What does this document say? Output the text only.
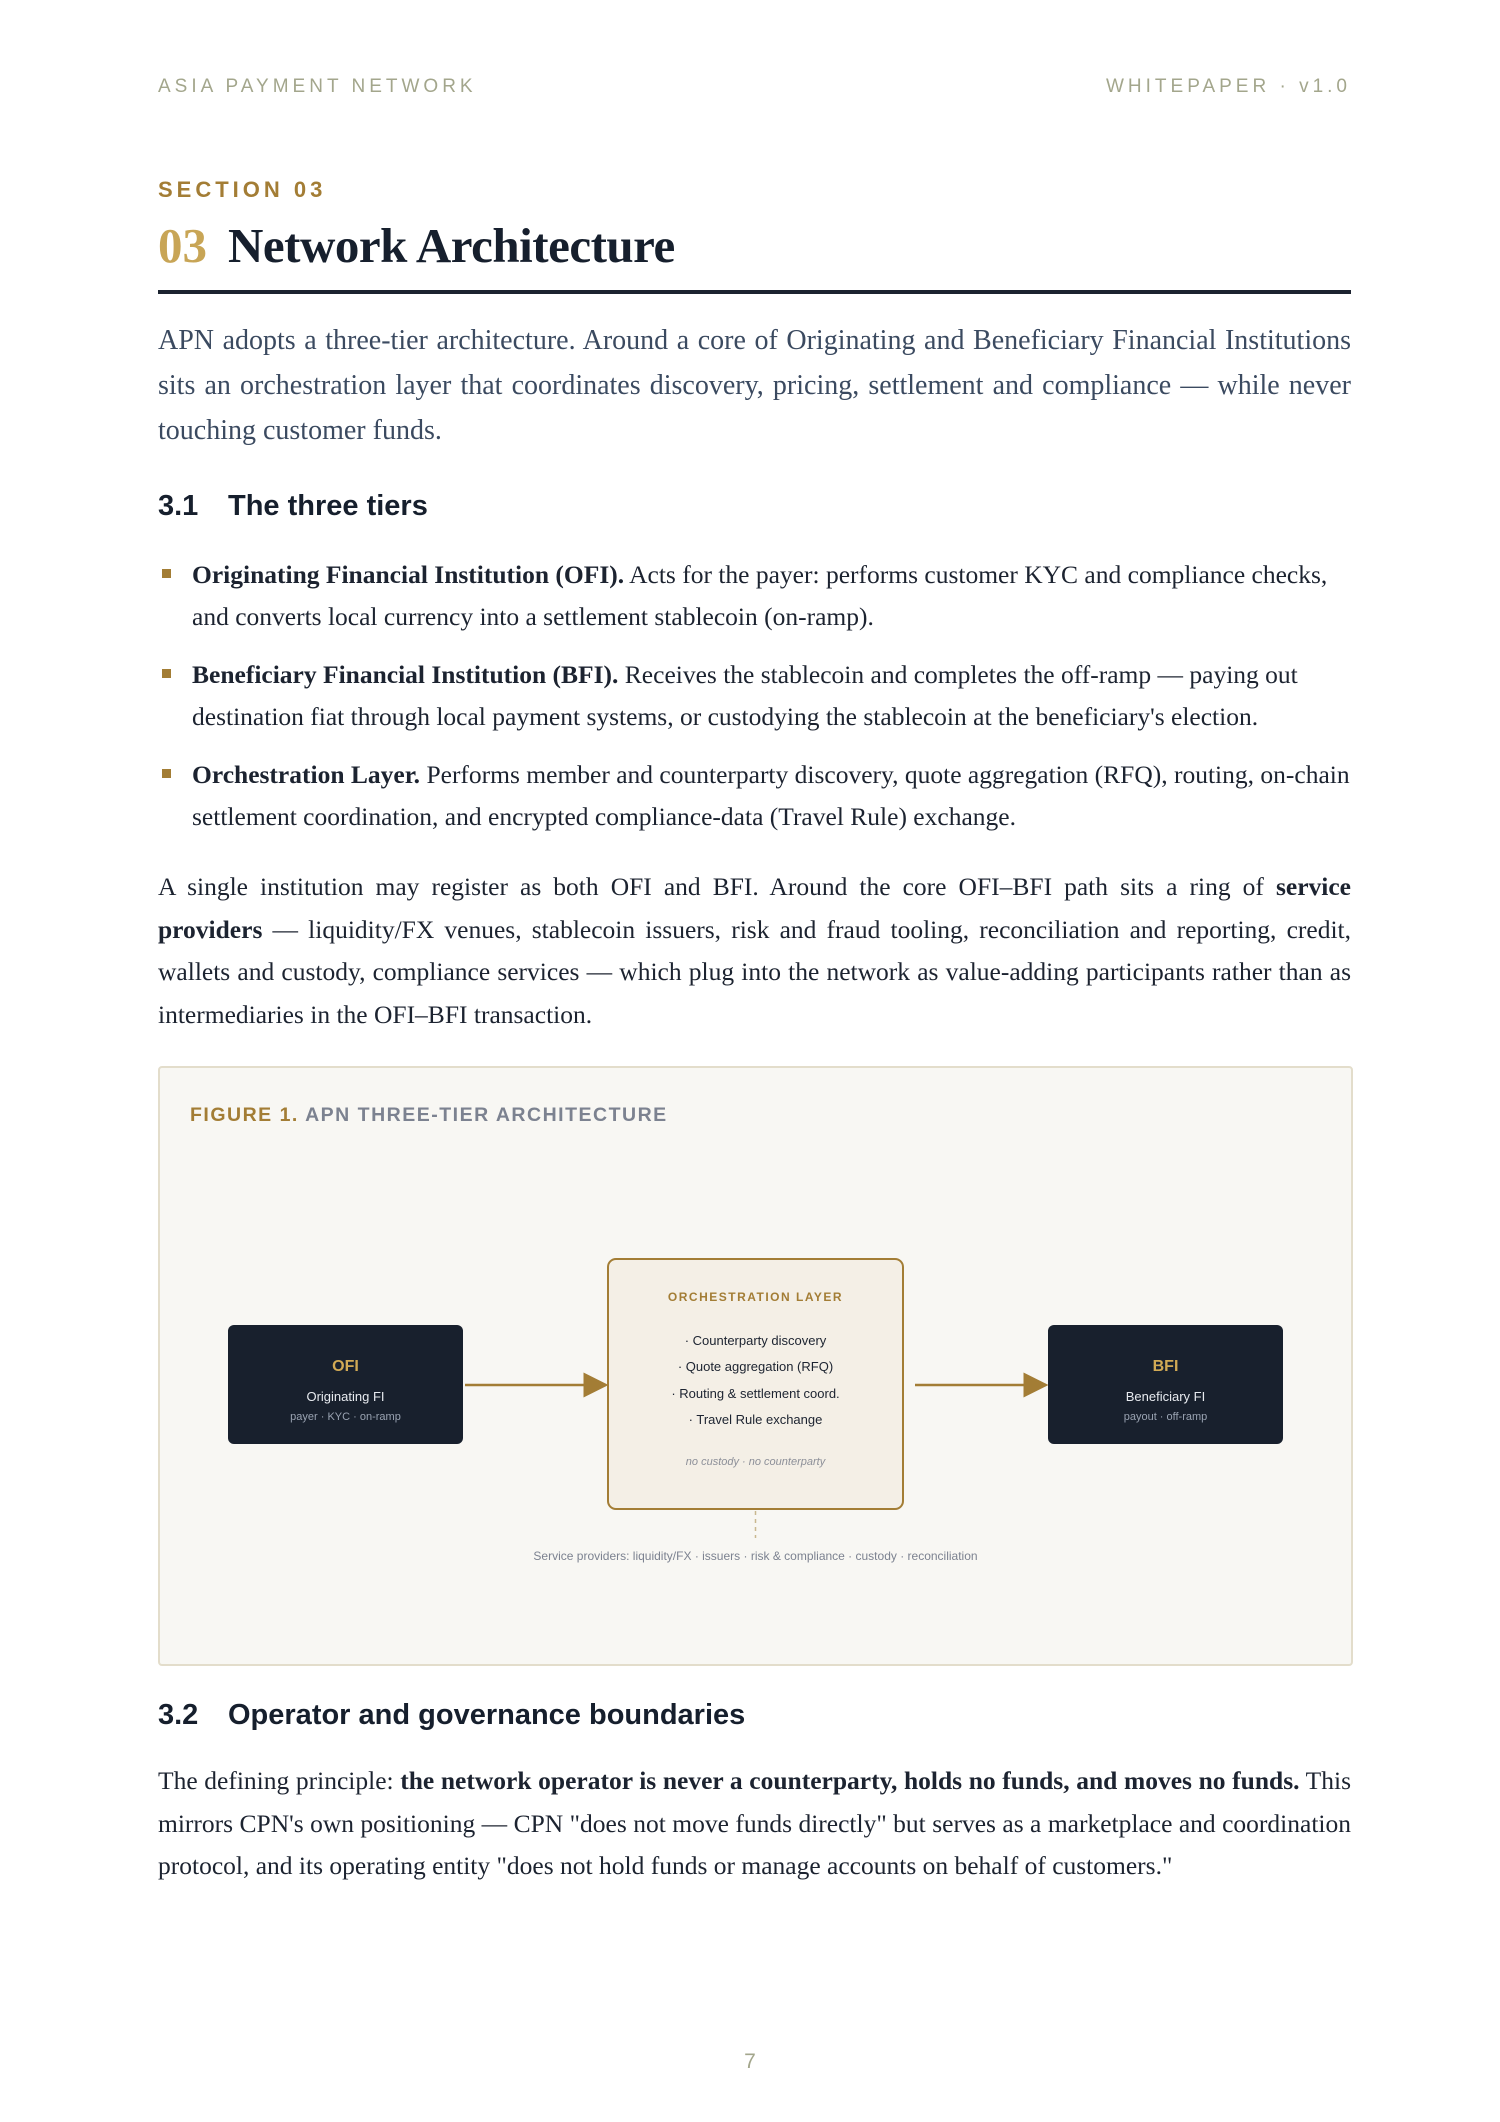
ASIA PAYMENT NETWORK	WHITEPAPER · v1.0
SECTION 03
03 Network Architecture

APN adopts a three-tier architecture. Around a core of Originating and Beneficiary Financial Institutions sits an orchestration layer that coordinates discovery, pricing, settlement and compliance — while never touching customer funds.

3.1 The three tiers
Originating Financial Institution (OFI). Acts for the payer: performs customer KYC and compliance checks, and converts local currency into a settlement stablecoin (on-ramp).
Beneficiary Financial Institution (BFI). Receives the stablecoin and completes the off-ramp — paying out destination fiat through local payment systems, or custodying the stablecoin at the beneficiary's election.
Orchestration Layer. Performs member and counterparty discovery, quote aggregation (RFQ), routing, on-chain settlement coordination, and encrypted compliance-data (Travel Rule) exchange.

A single institution may register as both OFI and BFI. Around the core OFI–BFI path sits a ring of service providers — liquidity/FX venues, stablecoin issuers, risk and fraud tooling, reconciliation and reporting, credit, wallets and custody, compliance services — which plug into the network as value-adding participants rather than as intermediaries in the OFI–BFI transaction.

FIGURE 1. APN THREE-TIER ARCHITECTURE
OFI
Originating FI
payer · KYC · on-ramp
ORCHESTRATION LAYER
· Counterparty discovery
· Quote aggregation (RFQ)
· Routing & settlement coord.
· Travel Rule exchange
no custody · no counterparty
BFI
Beneficiary FI
payout · off-ramp
Service providers: liquidity/FX · issuers · risk & compliance · custody · reconciliation
3.2 Operator and governance boundaries

The defining principle: the network operator is never a counterparty, holds no funds, and moves no funds. This mirrors CPN's own positioning — CPN "does not move funds directly" but serves as a marketplace and coordination protocol, and its operating entity "does not hold funds or manage accounts on behalf of customers."

7
